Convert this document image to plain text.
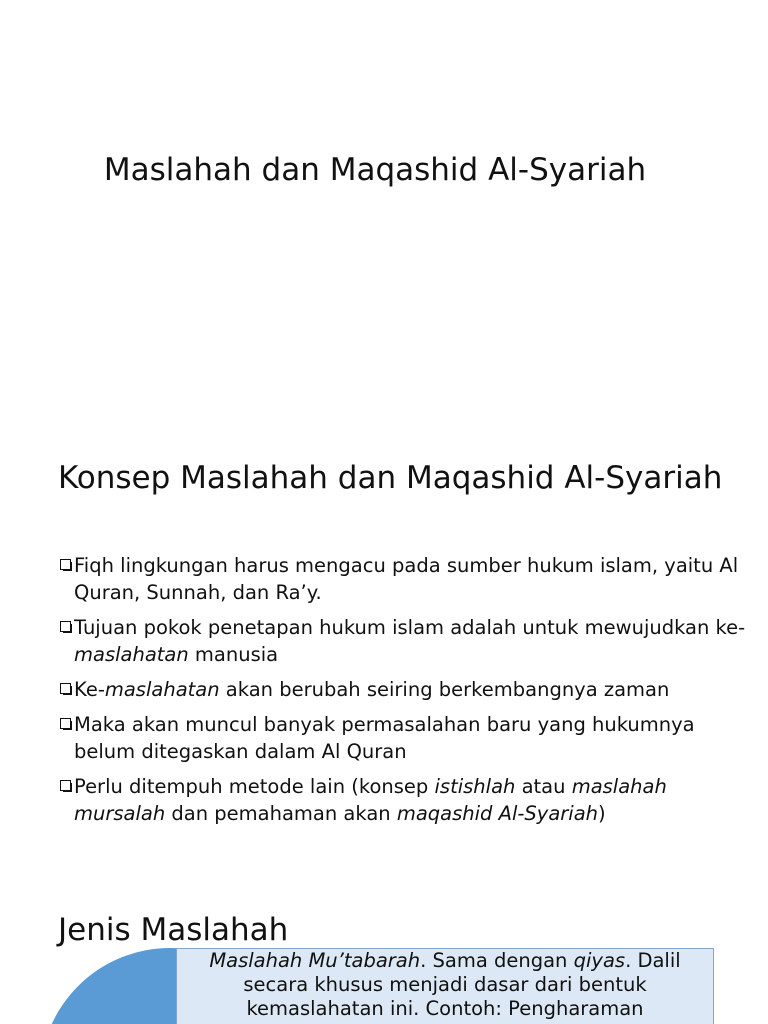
Maslahah dan Maqashid Al-Syariah
Konsep Maslahah dan Maqashid Al-Syariah
Fiqh lingkungan harus mengacu pada sumber hukum islam, yaitu Al Quran, Sunnah, dan Ra’y.
Tujuan pokok penetapan hukum islam adalah untuk mewujudkan ke-maslahatan manusia
Ke-maslahatan akan berubah seiring berkembangnya zaman
Maka akan muncul banyak permasalahan baru yang hukumnya belum ditegaskan dalam Al Quran
Perlu ditempuh metode lain (konsep istishlah atau maslahah mursalah dan pemahaman akan maqashid Al-Syariah)
Jenis Maslahah
Maslahah Mu’tabarah. Sama dengan qiyas. Dalil secara khusus menjadi dasar dari bentuk kemaslahatan ini. Contoh: Pengharaman
